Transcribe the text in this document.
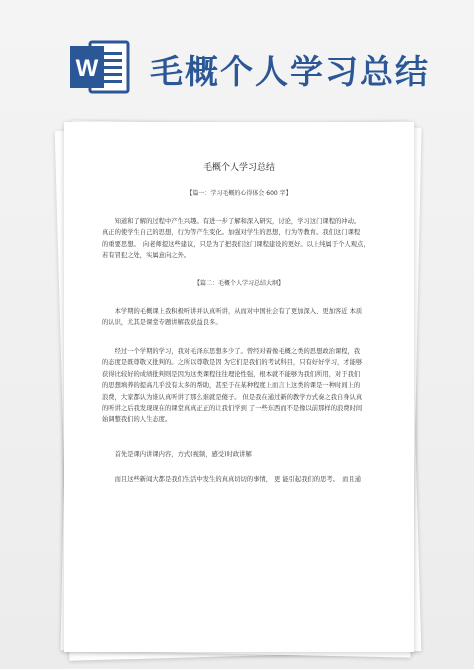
W 毛概个人学习总结
毛概个人学习总结
【篇一：学习毛概的心得体会 600 字】
知道和了解的过程中产生兴趣。有进一步了解和深入研究，讨论，学习这门课程的冲动。
真正的使学生自己的思想，行为等产生变化。加强对学生的思想，行为等教育。我们这门课程
的重要思想。　向老师提这些建议，只是为了把我们这门课程建设的更好。以上纯属于个人观点，
若有冒犯之处，实属意向之外。
【篇二：毛概个人学习总结大纲】
本学期的毛概课上我积极听讲并认真听讲，从而对中国社会有了更加深入、更加客近 本质
的认识，尤其是课堂专题讲解我获益良多。
经过一个学期的学习，我对毛泽东思想多少了。曾经对着像毛概之类的思想政治课程，我
的态度是既尊敬又批判的。之所以尊敬是因 为它们是我们的考试科目，只有好好学习，才能够
获得比较好的成绩批判则是因为这类课程往往理论性强，根本就不能够为我们所用，对于我们
的思想填养的提高几乎没有太多的帮助，甚至于在某种程度上而言上这类的课是一种时间上的
浪费，大家都认为谁认真听讲了那么谁就是傻子。 但是我在通过新的教学方式奏之我自身认真
的听讲之后我发现现在的课堂真真正正的让我们学到 了一些东西而不是像以前那样的浪费时间
始调整我们的人生态度。
首先是课内讲课内容，方式(视频，感受)时政讲解
而且这些新闻大都是我们生活中发生的真真切切的事情， 更 能引起我们的思考。　而且通
